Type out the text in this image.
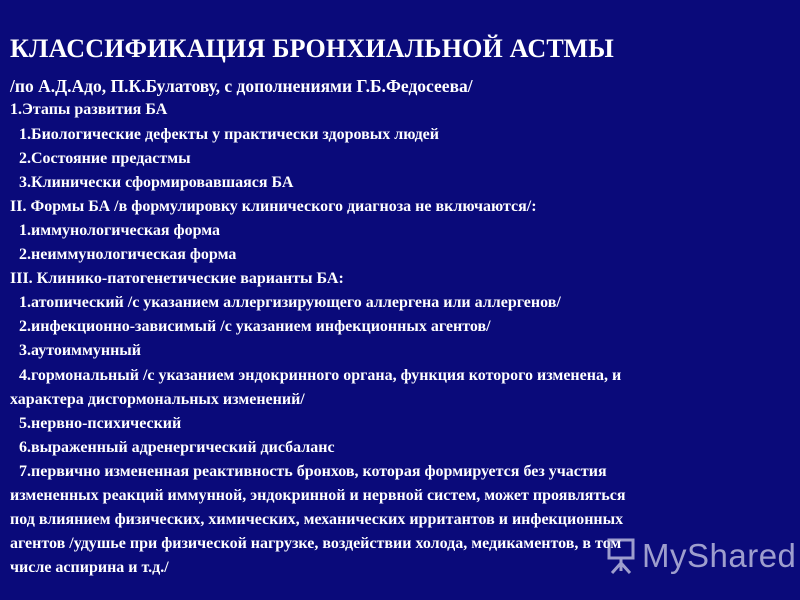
КЛАССИФИКАЦИЯ БРОНХИАЛЬНОЙ АСТМЫ
/по А.Д.Адо, П.К.Булатову, с дополнениями Г.Б.Федосеева/
1.Этапы развития БА
1.Биологические дефекты у практически здоровых людей
2.Состояние предастмы
3.Клинически сформировавшаяся БА
II. Формы БА /в формулировку клинического диагноза не включаются/:
1.иммунологическая форма
2.неиммунологическая форма
III. Клинико-патогенетические варианты БА:
1.атопический /с указанием аллергизирующего аллергена или аллергенов/
2.инфекционно-зависимый /с указанием инфекционных агентов/
3.аутоиммунный
4.гормональный /с указанием эндокринного органа, функция которого изменена, и
характера дисгормональных изменений/
5.нервно-психический
6.выраженный адренергический дисбаланс
7.первично измененная реактивность бронхов, которая формируется без участия
измененных реакций иммунной, эндокринной и нервной систем, может проявляться
под влиянием физических, химических, механических ирритантов и инфекционных
агентов /удушье при физической нагрузке, воздействии холода, медикаментов, в том
числе аспирина и т.д./	MyShared
